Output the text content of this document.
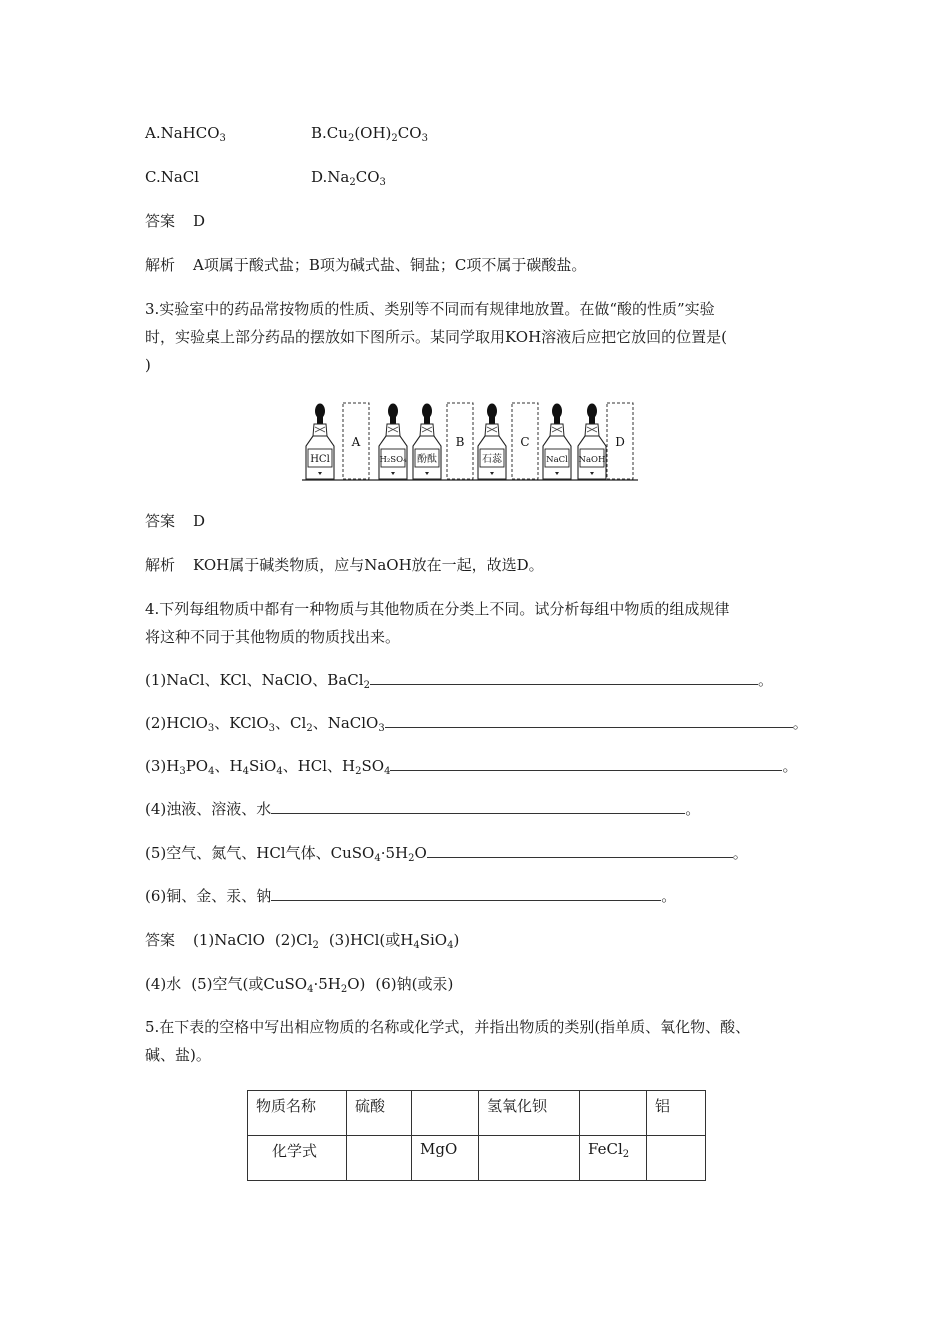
A.NaHCO$_3$	$B.Cu_2(OH)_2CO_3$
C.NaCl	$D.Na_2CO_3$
答案 D
解析 A项属于酸式盐；B项为碱式盐、铜盐；C项不属于碳酸盐。
3.实验室中的药品常按物质的性质、类别等不同而有规律地放置。在做“酸的性质”实验
时，实验桌上部分药品的摆放如下图所示。某同学取用KOH溶液后应把它放回的位置是(
)
HCl	H₂SO₄ 酚酞	石蕊	NaCl NaOH
A	B	C	D
答案 D
解析 KOH属于碱类物质，应与NaOH放在一起，故选D。
4.下列每组物质中都有一种物质与其他物质在分类上不同。试分析每组中物质的组成规律
将这种不同于其他物质的物质找出来。
(1)NaCl、KCl、NaClO、BaCl$_2$	。
(2)HClO$_3$、KClO$_3$、$Cl_2$、NaClO$_3$	。
$(3)H_3PO_4$、$H_4SiO_4$、HCl、$H_2SO_4$	。
(4)浊液、溶液、水	。
(5)空气、氮气、HCl气体、$CuSO_4\cdot 5H_2O$	。
(6)铜、金、汞、钠	。
答案 (1)NaClO $(2)Cl_2$ (3)HCl(或$H_4SiO_4$)
(4)水 (5)空气(或$CuSO_4\cdot 5H_2O$) (6)钠(或汞)
5.在下表的空格中写出相应物质的名称或化学式，并指出物质的类别(指单质、氧化物、酸、
碱、盐)。
物质名称	硫酸		氢氧化钡		铝
化学式		MgO		FeCl$_2$	
